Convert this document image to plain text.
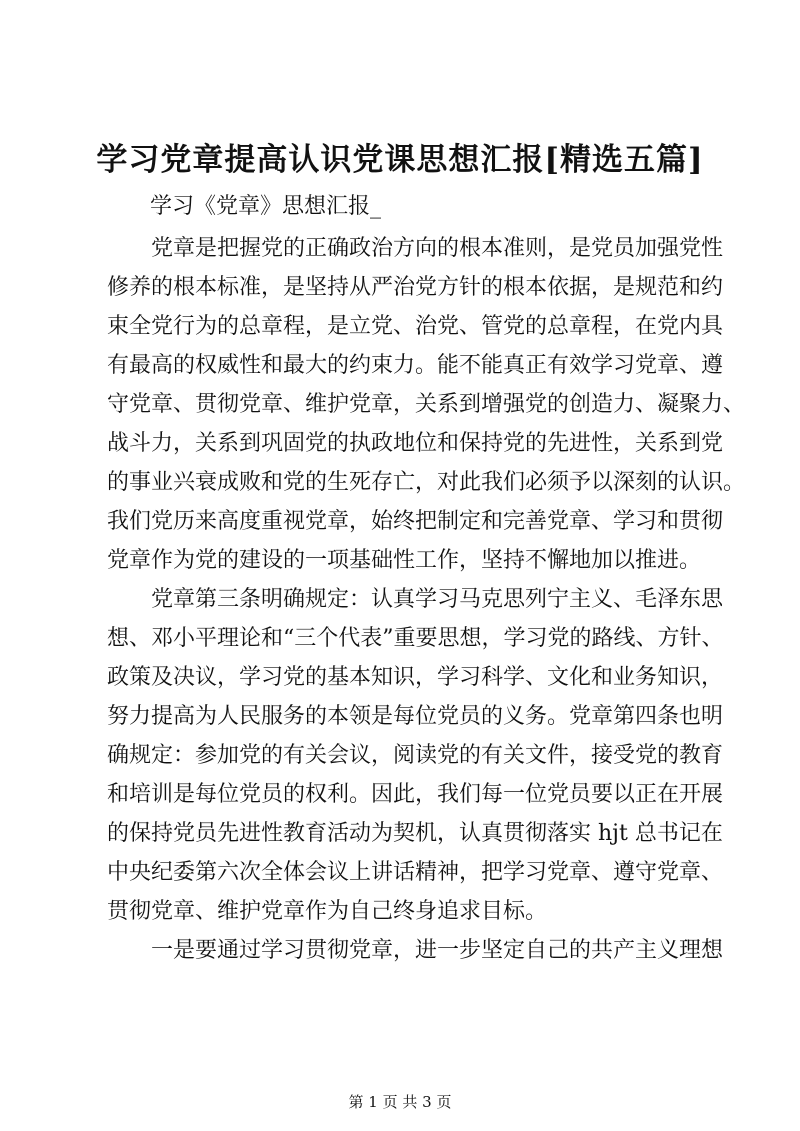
学习党章提高认识党课思想汇报[精选五篇]
学习《党章》思想汇报_
党章是把握党的正确政治方向的根本准则，是党员加强党性
修养的根本标准，是坚持从严治党方针的根本依据，是规范和约
束全党行为的总章程，是立党、治党、管党的总章程，在党内具
有最高的权威性和最大的约束力。能不能真正有效学习党章、遵
守党章、贯彻党章、维护党章，关系到增强党的创造力、凝聚力、
战斗力，关系到巩固党的执政地位和保持党的先进性，关系到党
的事业兴衰成败和党的生死存亡，对此我们必须予以深刻的认识。
我们党历来高度重视党章，始终把制定和完善党章、学习和贯彻
党章作为党的建设的一项基础性工作，坚持不懈地加以推进。
党章第三条明确规定：认真学习马克思列宁主义、毛泽东思
想、邓小平理论和“三个代表”重要思想，学习党的路线、方针、
政策及决议，学习党的基本知识，学习科学、文化和业务知识，
努力提高为人民服务的本领是每位党员的义务。党章第四条也明
确规定：参加党的有关会议，阅读党的有关文件，接受党的教育
和培训是每位党员的权利。因此，我们每一位党员要以正在开展
的保持党员先进性教育活动为契机，认真贯彻落实 hjt 总书记在
中央纪委第六次全体会议上讲话精神，把学习党章、遵守党章、
贯彻党章、维护党章作为自己终身追求目标。
一是要通过学习贯彻党章，进一步坚定自己的共产主义理想
第 1 页 共 3 页
